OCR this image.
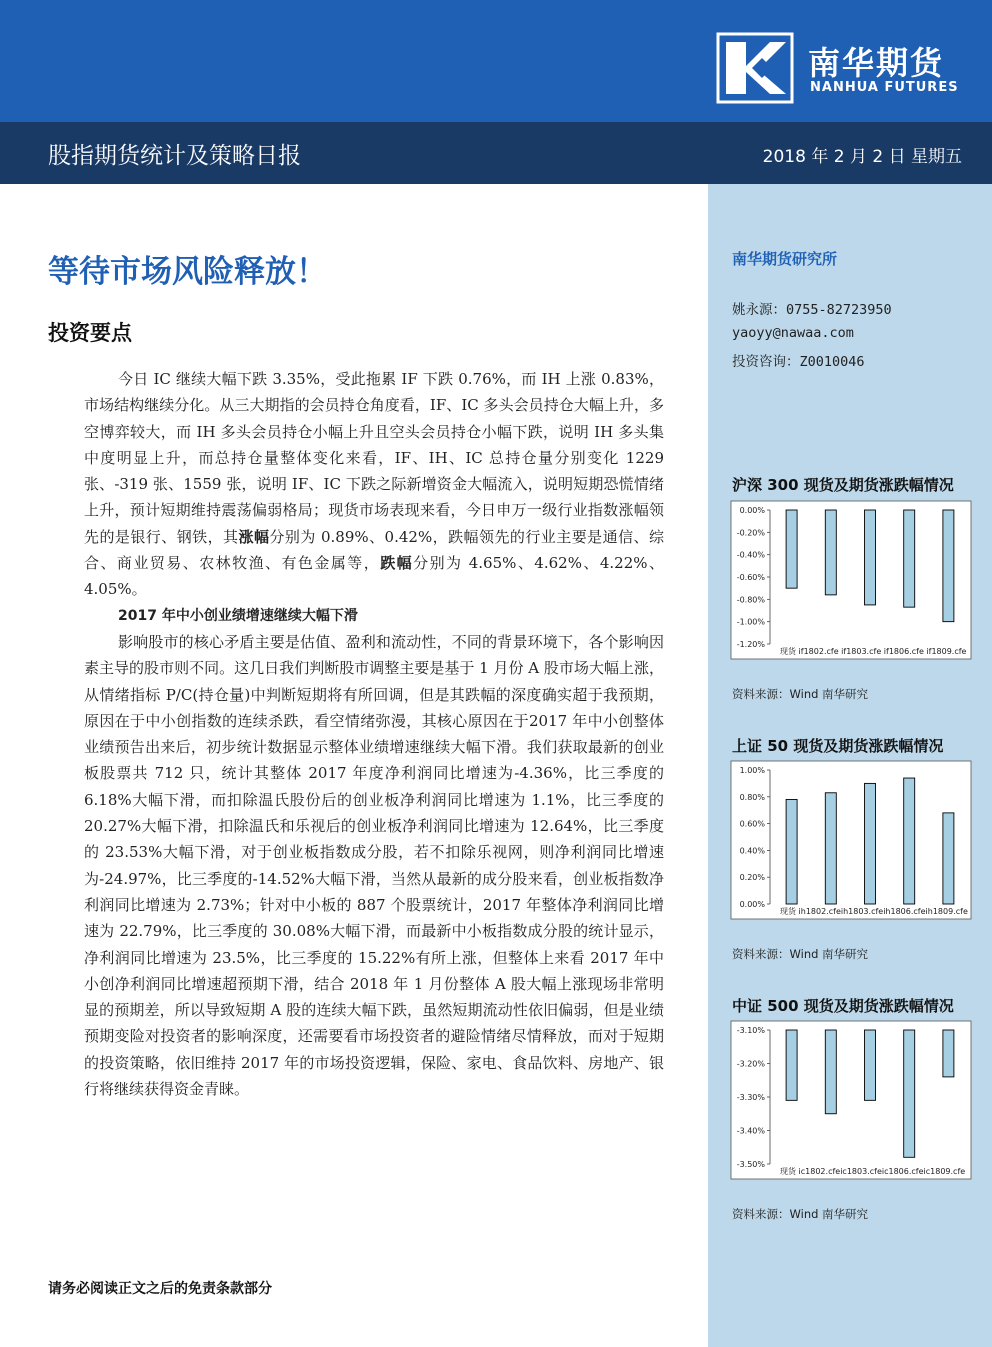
南华期货
NANHUA FUTURES
股指期货统计及策略日报	2018 年 2 月 2 日 星期五
等待市场风险释放！
投资要点

今日 IC 继续大幅下跌 3.35%，受此拖累 IF 下跌 0.76%，而 IH 上涨 0.83%，市场结构继续分化。从三大期指的会员持仓角度看，IF、IC 多头会员持仓大幅上升，多空博弈较大，而 IH 多头会员持仓小幅上升且空头会员持仓小幅下跌，说明 IH 多头集中度明显上升，而总持仓量整体变化来看，IF、IH、IC 总持仓量分别变化 1229 张、-319 张、1559 张，说明 IF、IC 下跌之际新增资金大幅流入，说明短期恐慌情绪上升，预计短期维持震荡偏弱格局；现货市场表现来看，今日申万一级行业指数涨幅领先的是银行、钢铁，其涨幅分别为 0.89%、0.42%，跌幅领先的行业主要是通信、综合、商业贸易、农林牧渔、有色金属等，跌幅分别为 4.65%、4.62%、4.22%、4.05%。

2017 年中小创业绩增速继续大幅下滑

影响股市的核心矛盾主要是估值、盈利和流动性，不同的背景环境下，各个影响因素主导的股市则不同。这几日我们判断股市调整主要是基于 1 月份 A 股市场大幅上涨，从情绪指标 P/C(持仓量)中判断短期将有所回调，但是其跌幅的深度确实超于我预期，原因在于中小创指数的连续杀跌，看空情绪弥漫，其核心原因在于2017 年中小创整体业绩预告出来后，初步统计数据显示整体业绩增速继续大幅下滑。我们获取最新的创业板股票共 712 只，统计其整体 2017 年度净利润同比增速为-4.36%，比三季度的 6.18%大幅下滑，而扣除温氏股份后的创业板净利润同比增速为 1.1%，比三季度的 20.27%大幅下滑，扣除温氏和乐视后的创业板净利润同比增速为 12.64%，比三季度的 23.53%大幅下滑，对于创业板指数成分股，若不扣除乐视网，则净利润同比增速为-24.97%，比三季度的-14.52%大幅下滑，当然从最新的成分股来看，创业板指数净利润同比增速为 2.73%；针对中小板的 887 个股票统计，2017 年整体净利润同比增速为 22.79%，比三季度的 30.08%大幅下滑，而最新中小板指数成分股的统计显示，净利润同比增速为 23.5%，比三季度的 15.22%有所上涨，但整体上来看 2017 年中小创净利润同比增速超预期下滑，结合 2018 年 1 月份整体 A 股大幅上涨现场非常明显的预期差，所以导致短期 A 股的连续大幅下跌，虽然短期流动性依旧偏弱，但是业绩预期变险对投资者的影响深度，还需要看市场投资者的避险情绪尽情释放，而对于短期的投资策略，依旧维持 2017 年的市场投资逻辑，保险、家电、食品饮料、房地产、银行将继续获得资金青睐。

请务必阅读正文之后的免责条款部分
南华期货研究所
姚永源：0755-82723950
yaoyy@nawaa.com
投资咨询：Z0010046
沪深 300 现货及期货涨跌幅情况
0.00%
-0.20%
-0.40%
-0.60%
-0.80%
-1.00%
-1.20%
现货 if1802.cfe if1803.cfe if1806.cfe if1809.cfe
资料来源：Wind 南华研究
上证 50 现货及期货涨跌幅情况
1.00%
0.80%
0.60%
0.40%
0.20%
0.00%
现货 ih1802.cfeih1803.cfeih1806.cfeih1809.cfe
资料来源：Wind 南华研究
中证 500 现货及期货涨跌幅情况
-3.10%
-3.20%
-3.30%
-3.40%
-3.50%
现货 ic1802.cfeic1803.cfeic1806.cfeic1809.cfe
资料来源：Wind 南华研究
